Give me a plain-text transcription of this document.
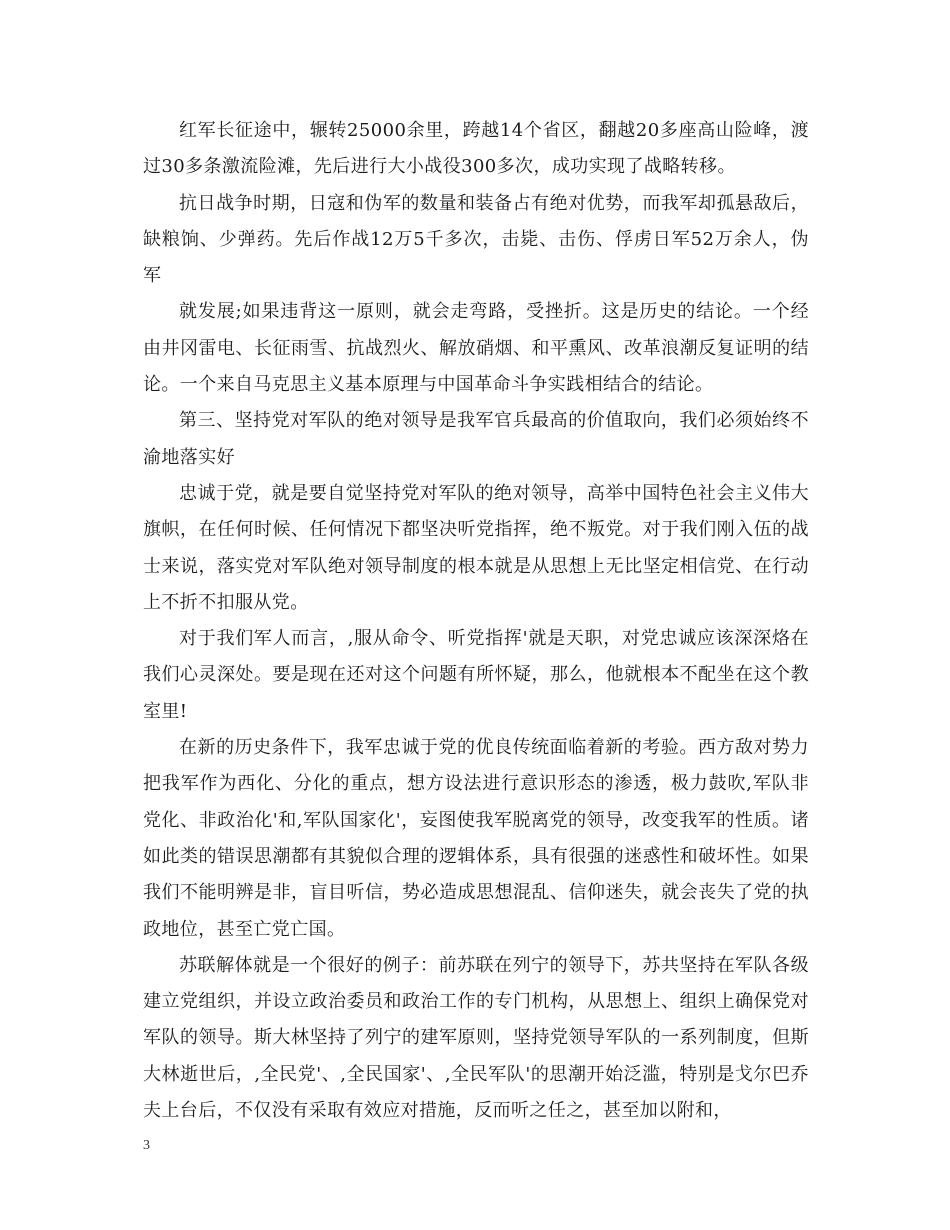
红军长征途中，辗转25000余里，跨越14个省区，翻越20多座高山险峰，渡过30多条激流险滩，先后进行大小战役300多次，成功实现了战略转移。

抗日战争时期，日寇和伪军的数量和装备占有绝对优势，而我军却孤悬敌后，缺粮饷、少弹药。先后作战12万5千多次，击毙、击伤、俘虏日军52万余人，伪军

就发展;如果违背这一原则，就会走弯路，受挫折。这是历史的结论。一个经由井冈雷电、长征雨雪、抗战烈火、解放硝烟、和平熏风、改革浪潮反复证明的结论。一个来自马克思主义基本原理与中国革命斗争实践相结合的结论。

第三、坚持党对军队的绝对领导是我军官兵最高的价值取向，我们必须始终不渝地落实好

忠诚于党，就是要自觉坚持党对军队的绝对领导，高举中国特色社会主义伟大旗帜，在任何时候、任何情况下都坚决听党指挥，绝不叛党。对于我们刚入伍的战士来说，落实党对军队绝对领导制度的根本就是从思想上无比坚定相信党、在行动上不折不扣服从党。

对于我们军人而言，,服从命令、听党指挥'就是天职，对党忠诚应该深深烙在我们心灵深处。要是现在还对这个问题有所怀疑，那么，他就根本不配坐在这个教室里!

在新的历史条件下，我军忠诚于党的优良传统面临着新的考验。西方敌对势力把我军作为西化、分化的重点，想方设法进行意识形态的渗透，极力鼓吹,军队非党化、非政治化'和,军队国家化'，妄图使我军脱离党的领导，改变我军的性质。诸如此类的错误思潮都有其貌似合理的逻辑体系，具有很强的迷惑性和破坏性。如果我们不能明辨是非，盲目听信，势必造成思想混乱、信仰迷失，就会丧失了党的执政地位，甚至亡党亡国。

苏联解体就是一个很好的例子：前苏联在列宁的领导下，苏共坚持在军队各级建立党组织，并设立政治委员和政治工作的专门机构，从思想上、组织上确保党对军队的领导。斯大林坚持了列宁的建军原则，坚持党领导军队的一系列制度，但斯大林逝世后，,全民党'、,全民国家'、,全民军队'的思潮开始泛滥，特别是戈尔巴乔夫上台后，不仅没有采取有效应对措施，反而听之任之，甚至加以附和，

3
